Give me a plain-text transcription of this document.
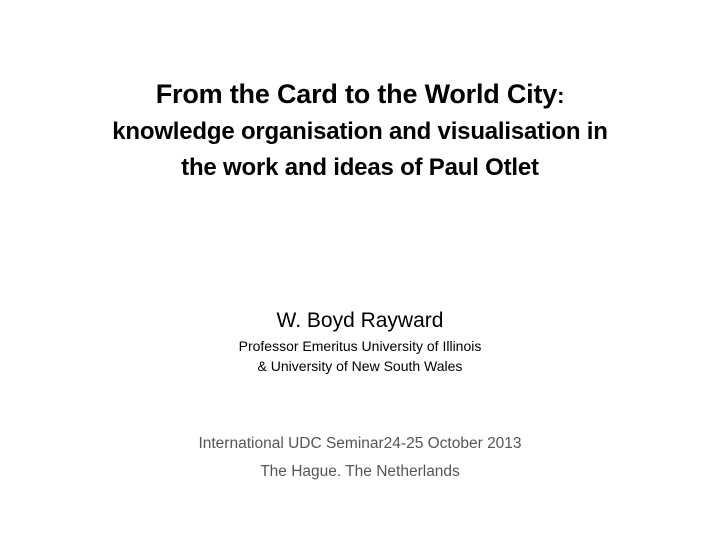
From the Card to the World City:
knowledge organisation and visualisation in
the work and ideas of Paul Otlet
W. Boyd Rayward
Professor Emeritus University of Illinois
& University of New South Wales
International UDC Seminar24-25 October 2013
The Hague. The Netherlands
